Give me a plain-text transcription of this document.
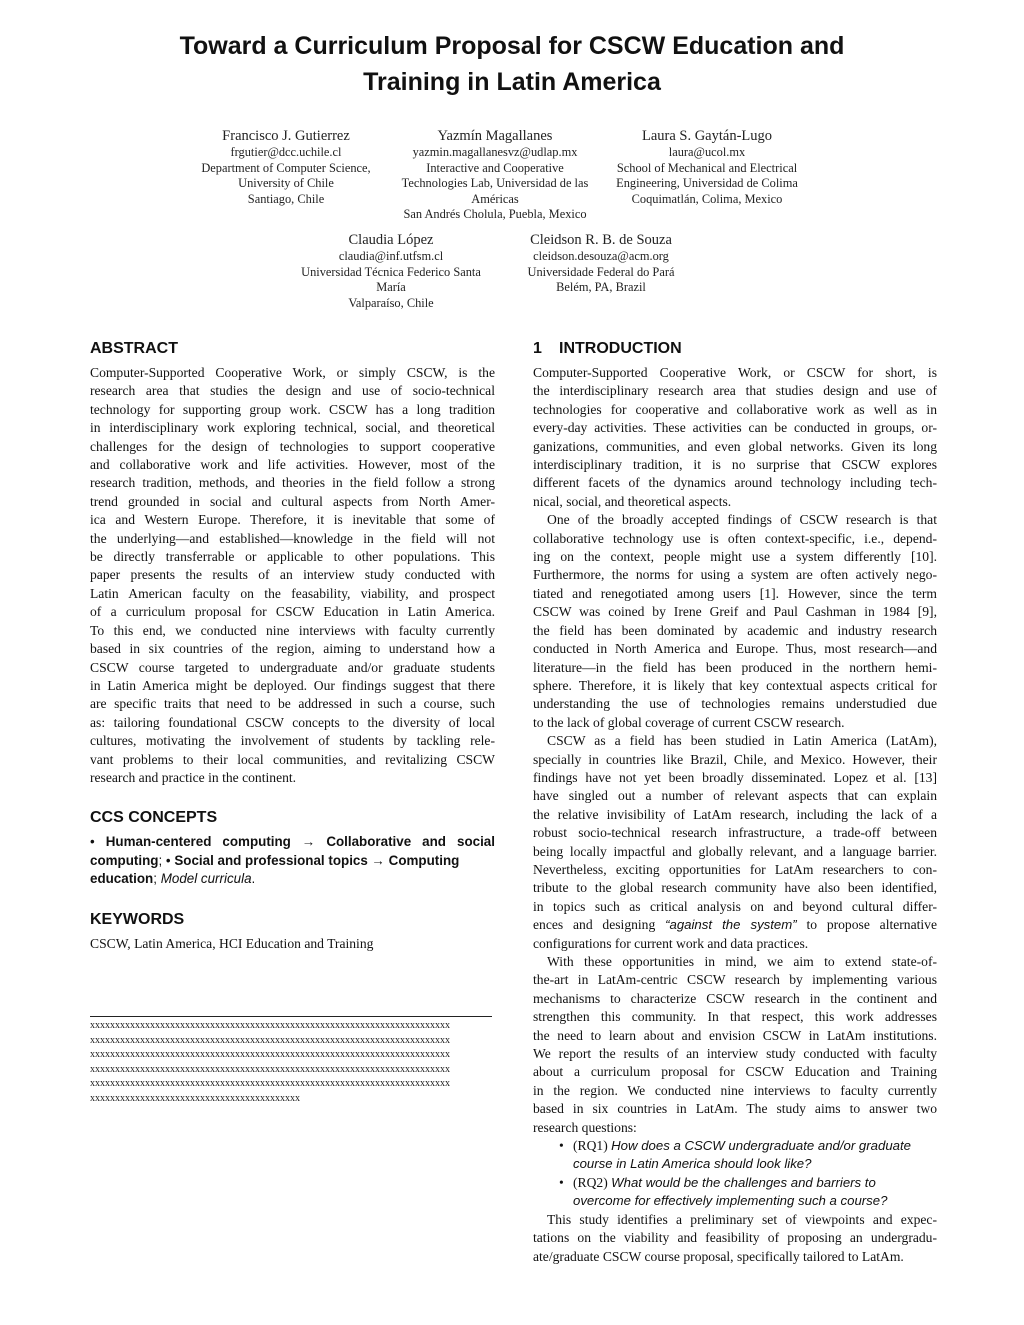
Toward a Curriculum Proposal for CSCW Education and
Training in Latin America
Francisco J. Gutierrez
frgutier@dcc.uchile.cl
Department of Computer Science,
University of Chile
Santiago, Chile
Yazmín Magallanes
yazmin.magallanesvz@udlap.mx
Interactive and Cooperative
Technologies Lab, Universidad de las
Américas
San Andrés Cholula, Puebla, Mexico
Laura S. Gaytán-Lugo
laura@ucol.mx
School of Mechanical and Electrical
Engineering, Universidad de Colima
Coquimatlán, Colima, Mexico
Claudia López
claudia@inf.utfsm.cl
Universidad Técnica Federico Santa
María
Valparaíso, Chile
Cleidson R. B. de Souza
cleidson.desouza@acm.org
Universidade Federal do Pará
Belém, PA, Brazil
ABSTRACT
Computer-Supported Cooperative Work, or simply CSCW, is the
research area that studies the design and use of socio-technical
technology for supporting group work. CSCW has a long tradition
in interdisciplinary work exploring technical, social, and theoretical
challenges for the design of technologies to support cooperative
and collaborative work and life activities. However, most of the
research tradition, methods, and theories in the field follow a strong
trend grounded in social and cultural aspects from North Amer-
ica and Western Europe. Therefore, it is inevitable that some of
the underlying—and established—knowledge in the field will not
be directly transferrable or applicable to other populations. This
paper presents the results of an interview study conducted with
Latin American faculty on the feasability, viability, and prospect
of a curriculum proposal for CSCW Education in Latin America.
To this end, we conducted nine interviews with faculty currently
based in six countries of the region, aiming to understand how a
CSCW course targeted to undergraduate and/or graduate students
in Latin America might be deployed. Our findings suggest that there
are specific traits that need to be addressed in such a course, such
as: tailoring foundational CSCW concepts to the diversity of local
cultures, motivating the involvement of students by tackling rele-
vant problems to their local communities, and revitalizing CSCW
research and practice in the continent.
CCS CONCEPTS
• Human-centered computing → Collaborative and social
computing; • Social and professional topics → Computing
education; Model curricula.
KEYWORDS
CSCW, Latin America, HCI Education and Training
xxxxxxxxxxxxxxxxxxxxxxxxxxxxxxxxxxxxxxxxxxxxxxxxxxxxxxxxxxxxxxxxxxxxxxxx
xxxxxxxxxxxxxxxxxxxxxxxxxxxxxxxxxxxxxxxxxxxxxxxxxxxxxxxxxxxxxxxxxxxxxxxx
xxxxxxxxxxxxxxxxxxxxxxxxxxxxxxxxxxxxxxxxxxxxxxxxxxxxxxxxxxxxxxxxxxxxxxxx
xxxxxxxxxxxxxxxxxxxxxxxxxxxxxxxxxxxxxxxxxxxxxxxxxxxxxxxxxxxxxxxxxxxxxxxx
xxxxxxxxxxxxxxxxxxxxxxxxxxxxxxxxxxxxxxxxxxxxxxxxxxxxxxxxxxxxxxxxxxxxxxxx
xxxxxxxxxxxxxxxxxxxxxxxxxxxxxxxxxxxxxxxxxx
1 INTRODUCTION
Computer-Supported Cooperative Work, or CSCW for short, is
the interdisciplinary research area that studies design and use of
technologies for cooperative and collaborative work as well as in
every-day activities. These activities can be conducted in groups, or-
ganizations, communities, and even global networks. Given its long
interdisciplinary tradition, it is no surprise that CSCW explores
different facets of the dynamics around technology including tech-
nical, social, and theoretical aspects.
One of the broadly accepted findings of CSCW research is that
collaborative technology use is often context-specific, i.e., depend-
ing on the context, people might use a system differently [10].
Furthermore, the norms for using a system are often actively nego-
tiated and renegotiated among users [1]. However, since the term
CSCW was coined by Irene Greif and Paul Cashman in 1984 [9],
the field has been dominated by academic and industry research
conducted in North America and Europe. Thus, most research—and
literature—in the field has been produced in the northern hemi-
sphere. Therefore, it is likely that key contextual aspects critical for
understanding the use of technologies remains understudied due
to the lack of global coverage of current CSCW research.
CSCW as a field has been studied in Latin America (LatAm),
specially in countries like Brazil, Chile, and Mexico. However, their
findings have not yet been broadly disseminated. Lopez et al. [13]
have singled out a number of relevant aspects that can explain
the relative invisibility of LatAm research, including the lack of a
robust socio-technical research infrastructure, a trade-off between
being locally impactful and globally relevant, and a language barrier.
Nevertheless, exciting opportunities for LatAm researchers to con-
tribute to the global research community have also been identified,
in topics such as critical analysis on and beyond cultural differ-
ences and designing “against the system” to propose alternative
configurations for current work and data practices.
With these opportunities in mind, we aim to extend state-of-
the-art in LatAm-centric CSCW research by implementing various
mechanisms to characterize CSCW research in the continent and
strengthen this community. In that respect, this work addresses
the need to learn about and envision CSCW in LatAm institutions.
We report the results of an interview study conducted with faculty
about a curriculum proposal for CSCW Education and Training
in the region. We conducted nine interviews to faculty currently
based in six countries in LatAm. The study aims to answer two
research questions:
• (RQ1) How does a CSCW undergraduate and/or graduate
course in Latin America should look like?
• (RQ2) What would be the challenges and barriers to
overcome for effectively implementing such a course?
This study identifies a preliminary set of viewpoints and expec-
tations on the viability and feasibility of proposing an undergradu-
ate/graduate CSCW course proposal, specifically tailored to LatAm.
